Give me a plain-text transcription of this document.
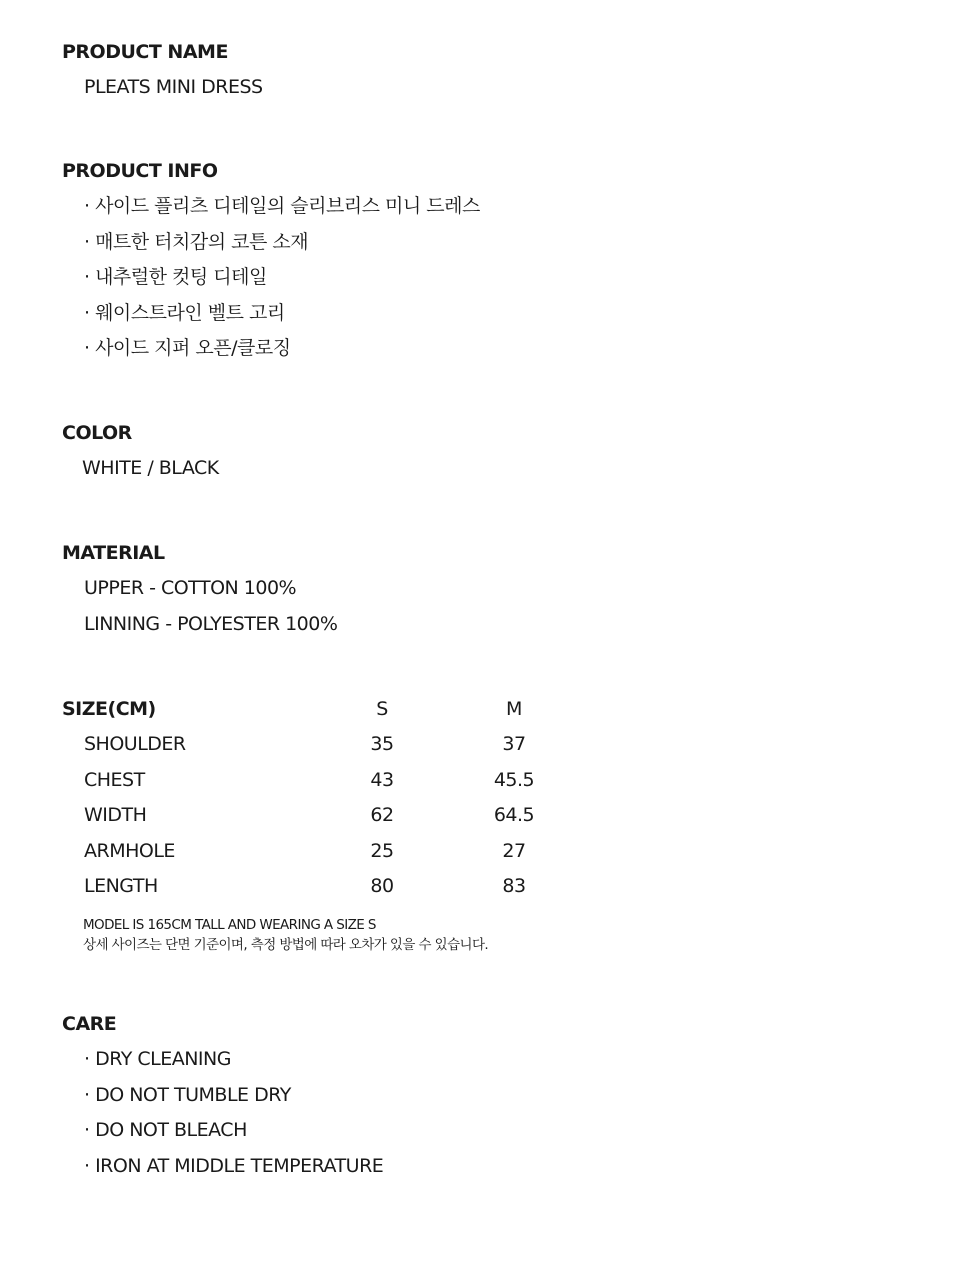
PRODUCT NAME
PLEATS MINI DRESS
PRODUCT INFO
· 사이드 플리츠 디테일의 슬리브리스 미니 드레스
· 매트한 터치감의 코튼 소재
· 내추럴한 컷팅 디테일
· 웨이스트라인 벨트 고리
· 사이드 지퍼 오픈/클로징
COLOR
WHITE / BLACK
MATERIAL
UPPER - COTTON 100%
LINNING - POLYESTER 100%
SIZE(CM)	S	M
SHOULDER	35	37
CHEST	43	45.5
WIDTH	62	64.5
ARMHOLE	25	27
LENGTH	80	83
MODEL IS 165CM TALL AND WEARING A SIZE S
상세 사이즈는 단면 기준이며, 측정 방법에 따라 오차가 있을 수 있습니다.
CARE
· DRY CLEANING
· DO NOT TUMBLE DRY
· DO NOT BLEACH
· IRON AT MIDDLE TEMPERATURE
